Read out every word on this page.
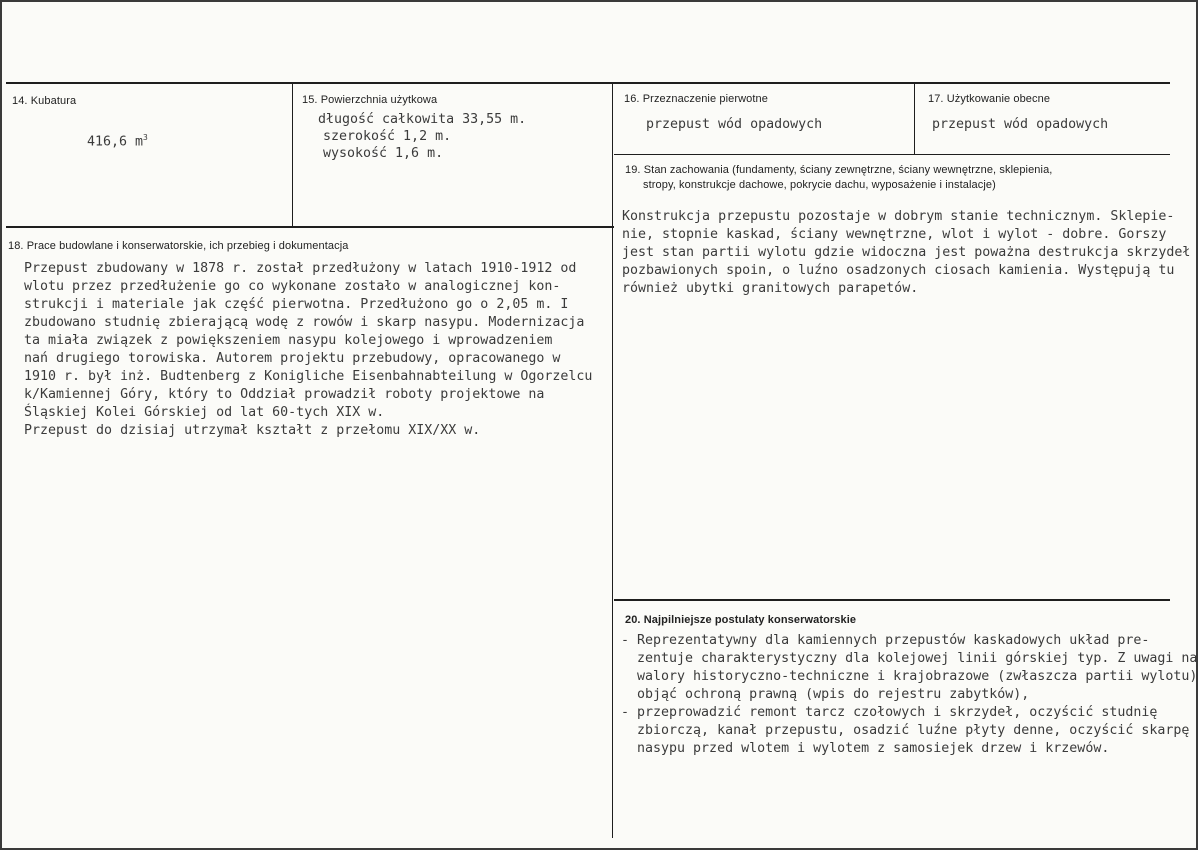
14. Kubatura
416,6 $m^3$
15. Powierzchnia użytkowa
długość całkowita 33,55 m.
szerokość 1,2 m.
wysokość 1,6 m.
16. Przeznaczenie pierwotne
przepust wód opadowych
17. Użytkowanie obecne
przepust wód opadowych
19. Stan zachowania (fundamenty, ściany zewnętrzne, ściany wewnętrzne, sklepienia,
stropy, konstrukcje dachowe, pokrycie dachu, wyposażenie i instalacje)
Konstrukcja przepustu pozostaje w dobrym stanie technicznym. Sklepie-
nie, stopnie kaskad, ściany wewnętrzne, wlot i wylot - dobre. Gorszy
jest stan partii wylotu gdzie widoczna jest poważna destrukcja skrzydeł
pozbawionych spoin, o luźno osadzonych ciosach kamienia. Występują tu
również ubytki granitowych parapetów.
18. Prace budowlane i konserwatorskie, ich przebieg i dokumentacja
Przepust zbudowany w 1878 r. został przedłużony w latach 1910-1912 od
wlotu przez przedłużenie go co wykonane zostało w analogicznej kon-
strukcji i materiale jak część pierwotna. Przedłużono go o 2,05 m. I
zbudowano studnię zbierającą wodę z rowów i skarp nasypu. Modernizacja
ta miała związek z powiększeniem nasypu kolejowego i wprowadzeniem
nań drugiego torowiska. Autorem projektu przebudowy, opracowanego w
1910 r. był inż. Budtenberg z Konigliche Eisenbahnabteilung w Ogorzelcu
k/Kamiennej Góry, który to Oddział prowadził roboty projektowe na
Śląskiej Kolei Górskiej od lat 60-tych XIX w.
Przepust do dzisiaj utrzymał kształt z przełomu XIX/XX w.
20. Najpilniejsze postulaty konserwatorskie
- Reprezentatywny dla kamiennych przepustów kaskadowych układ pre-
zentuje charakterystyczny dla kolejowej linii górskiej typ. Z uwagi na
walory historyczno-techniczne i krajobrazowe (zwłaszcza partii wylotu)
objąć ochroną prawną (wpis do rejestru zabytków),
- przeprowadzić remont tarcz czołowych i skrzydeł, oczyścić studnię
zbiorczą, kanał przepustu, osadzić luźne płyty denne, oczyścić skarpę
nasypu przed wlotem i wylotem z samosiejek drzew i krzewów.
